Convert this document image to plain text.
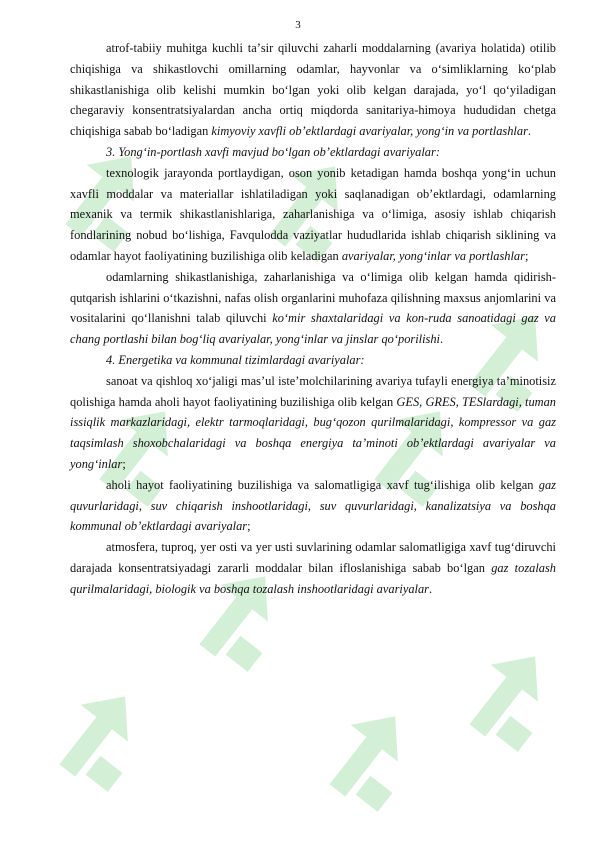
3

atrof-tabiiy muhitga kuchli taʼsir qiluvchi zaharli moddalarning (avariya holatida) otilib chiqishiga va shikastlovchi omillarning odamlar, hayvonlar va oʻsimliklarning koʻplab shikastlanishiga olib kelishi mumkin boʻlgan yoki olib kelgan darajada, yoʻl qoʻyiladigan chegaraviy konsentratsiyalardan ancha ortiq miqdorda sanitariya-himoya hududidan chetga chiqishiga sabab boʻladigan kimyoviy xavfli obʼektlardagi avariyalar, yongʻin va portlashlar.

3. Yongʻin-portlash xavfi mavjud boʻlgan obʼektlardagi avariyalar:

texnologik jarayonda portlaydigan, oson yonib ketadigan hamda boshqa yongʻin uchun xavfli moddalar va materiallar ishlatiladigan yoki saqlanadigan obʼektlardagi, odamlarning mexanik va termik shikastlanishlariga, zaharlanishiga va oʻlimiga, asosiy ishlab chiqarish fondlarining nobud boʻlishiga, Favqulodda vaziyatlar hududlarida ishlab chiqarish siklining va odamlar hayot faoliyatining buzilishiga olib keladigan avariyalar, yongʻinlar va portlashlar;

odamlarning shikastlanishiga, zaharlanishiga va oʻlimiga olib kelgan hamda qidirish-qutqarish ishlarini oʻtkazishni, nafas olish organlarini muhofaza qilishning maxsus anjomlarini va vositalarini qoʻllanishni talab qiluvchi koʻmir shaxtalaridagi va kon-ruda sanoatidagi gaz va chang portlashi bilan bogʻliq avariyalar, yongʻinlar va jinslar qoʻporilishi.

4. Energetika va kommunal tizimlardagi avariyalar:

sanoat va qishloq xoʻjaligi masʼul isteʼmolchilarining avariya tufayli energiya taʼminotisiz qolishiga hamda aholi hayot faoliyatining buzilishiga olib kelgan GES, GRES, TESlardagi, tuman issiqlik markazlaridagi, elektr tarmoqlaridagi, bugʻqozon qurilmalaridagi, kompressor va gaz taqsimlash shoxobchalaridagi va boshqa energiya taʼminoti obʼektlardagi avariyalar va yongʻinlar;

aholi hayot faoliyatining buzilishiga va salomatligiga xavf tugʻilishiga olib kelgan gaz quvurlaridagi, suv chiqarish inshootlaridagi, suv quvurlaridagi, kanalizatsiya va boshqa kommunal obʼektlardagi avariyalar;

atmosfera, tuproq, yer osti va yer usti suvlarining odamlar salomatligiga xavf tugʻdiruvchi darajada konsentratsiyadagi zararli moddalar bilan ifloslanishiga sabab boʻlgan gaz tozalash qurilmalaridagi, biologik va boshqa tozalash inshootlaridagi avariyalar.
